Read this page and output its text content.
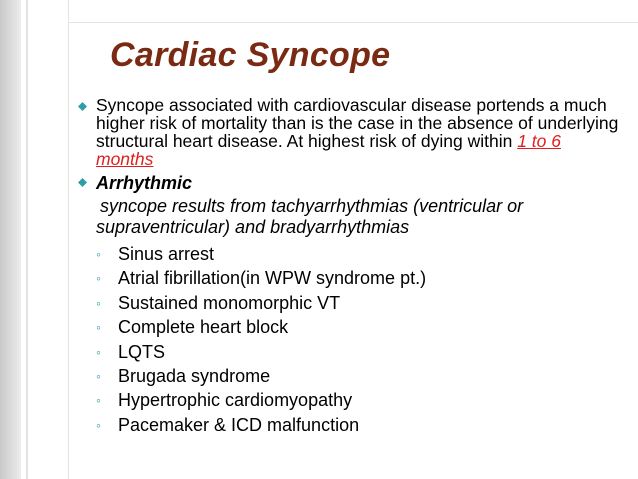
Cardiac Syncope
Syncope associated with cardiovascular disease portends a much higher risk of mortality than is the case in the absence of underlying structural heart disease. At highest risk of dying within 1 to 6 months
Arrhythmic
syncope results from tachyarrhythmias (ventricular or
supraventricular) and bradyarrhythmias
◦ Sinus arrest
◦ Atrial fibrillation(in WPW syndrome pt.)
◦ Sustained monomorphic VT
◦ Complete heart block
◦ LQTS
◦ Brugada syndrome
◦ Hypertrophic cardiomyopathy
◦ Pacemaker & ICD malfunction
